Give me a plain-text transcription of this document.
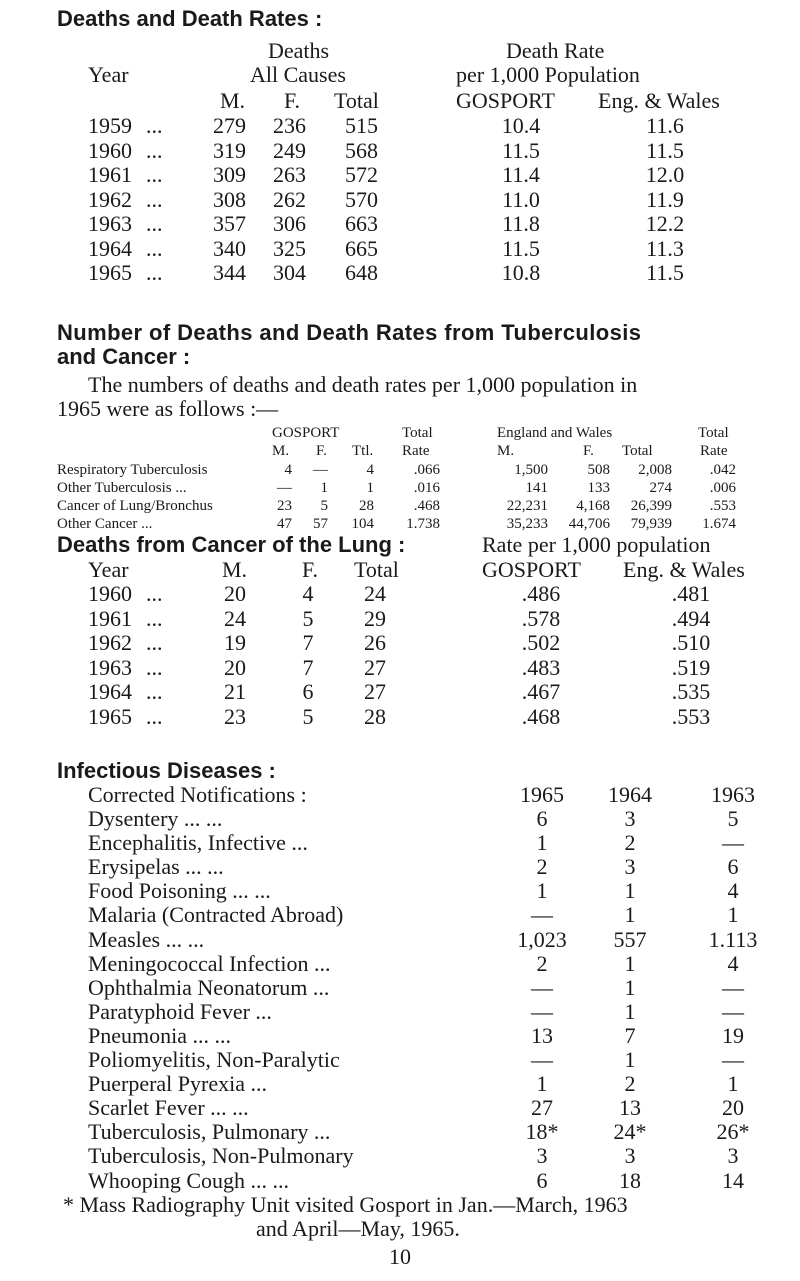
Deaths and Death Rates :
Deaths	Death Rate
Year	All Causes	per 1,000 Population
M. F. Total	GOSPORT Eng. & Wales
1959 ...	279	236	515	10.4	11.6
1960 ...	319	249	568	11.5	11.5
1961 ...	309	263	572	11.4	12.0
1962 ...	308	262	570	11.0	11.9
1963 ...	357	306	663	11.8	12.2
1964 ...	340	325	665	11.5	11.3
1965 ...	344	304	648	10.8	11.5
Number of Deaths and Death Rates from Tuberculosis
and Cancer :
The numbers of deaths and death rates per 1,000 population in
1965 were as follows :—
GOSPORT	Total	England and Wales	Total
M. F. Ttl. Rate	M.	F. Total	Rate
Respiratory Tuberculosis	4	—	4	.066	1,500	508	2,008	.042
Other Tuberculosis ...	—	1	1	.016	141	133	274	.006
Cancer of Lung/Bronchus	23	5	28	.468	22,231	4,168	26,399	.553
Other Cancer ...	47	57	104	1.738	35,233	44,706	79,939	1.674
Deaths from Cancer of the Lung :	Rate per 1,000 population
Year	M. F. Total	GOSPORT Eng. & Wales
1960 ...	20	4	24	.486	.481
1961 ...	24	5	29	.578	.494
1962 ...	19	7	26	.502	.510
1963 ...	20	7	27	.483	.519
1964 ...	21	6	27	.467	.535
1965 ...	23	5	28	.468	.553
Infectious Diseases :
Corrected Notifications :	1965	1964	1963
Dysentery ... ...	6	3	5
Encephalitis, Infective ...	1	2	—
Erysipelas ... ...	2	3	6
Food Poisoning ... ...	1	1	4
Malaria (Contracted Abroad)	—	1	1
Measles ... ...	1,023	557	1.113
Meningococcal Infection ...	2	1	4
Ophthalmia Neonatorum ...	—	1	—
Paratyphoid Fever ...	—	1	—
Pneumonia ... ...	13	7	19
Poliomyelitis, Non-Paralytic	—	1	—
Puerperal Pyrexia ...	1	2	1
Scarlet Fever ... ...	27	13	20
Tuberculosis, Pulmonary ...	18*	24*	26*
Tuberculosis, Non-Pulmonary	3	3	3
Whooping Cough ... ...	6	18	14
* Mass Radiography Unit visited Gosport in Jan.—March, 1963
and April—May, 1965.
10
